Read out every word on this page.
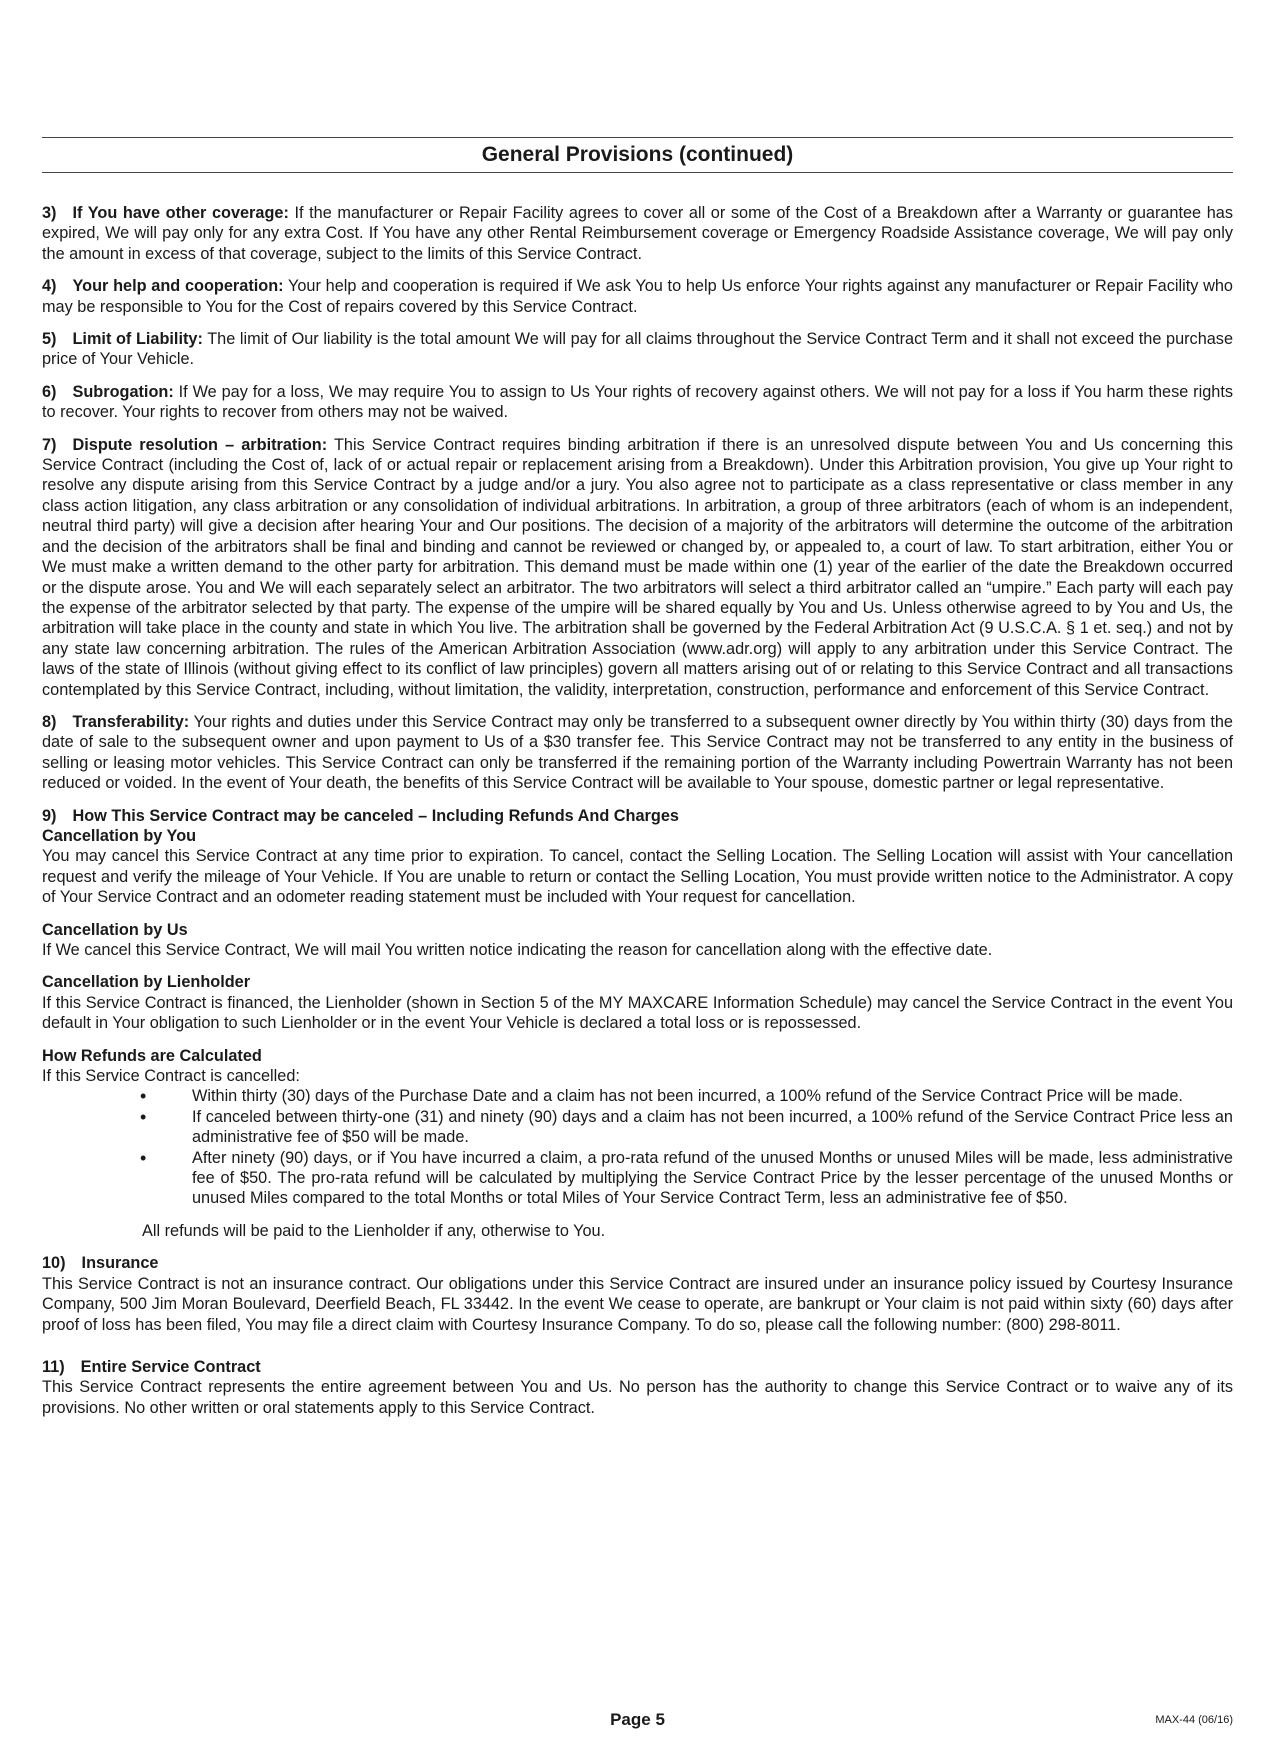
General Provisions (continued)

3) If You have other coverage: If the manufacturer or Repair Facility agrees to cover all or some of the Cost of a Breakdown after a Warranty or guarantee has expired, We will pay only for any extra Cost. If You have any other Rental Reimbursement coverage or Emergency Roadside Assistance coverage, We will pay only the amount in excess of that coverage, subject to the limits of this Service Contract.

4) Your help and cooperation: Your help and cooperation is required if We ask You to help Us enforce Your rights against any manufacturer or Repair Facility who may be responsible to You for the Cost of repairs covered by this Service Contract.

5) Limit of Liability: The limit of Our liability is the total amount We will pay for all claims throughout the Service Contract Term and it shall not exceed the purchase price of Your Vehicle.

6) Subrogation: If We pay for a loss, We may require You to assign to Us Your rights of recovery against others. We will not pay for a loss if You harm these rights to recover. Your rights to recover from others may not be waived.

7) Dispute resolution – arbitration: This Service Contract requires binding arbitration if there is an unresolved dispute between You and Us concerning this Service Contract (including the Cost of, lack of or actual repair or replacement arising from a Breakdown). Under this Arbitration provision, You give up Your right to resolve any dispute arising from this Service Contract by a judge and/or a jury. You also agree not to participate as a class representative or class member in any class action litigation, any class arbitration or any consolidation of individual arbitrations. In arbitration, a group of three arbitrators (each of whom is an independent, neutral third party) will give a decision after hearing Your and Our positions. The decision of a majority of the arbitrators will determine the outcome of the arbitration and the decision of the arbitrators shall be final and binding and cannot be reviewed or changed by, or appealed to, a court of law. To start arbitration, either You or We must make a written demand to the other party for arbitration. This demand must be made within one (1) year of the earlier of the date the Breakdown occurred or the dispute arose. You and We will each separately select an arbitrator. The two arbitrators will select a third arbitrator called an “umpire.” Each party will each pay the expense of the arbitrator selected by that party. The expense of the umpire will be shared equally by You and Us. Unless otherwise agreed to by You and Us, the arbitration will take place in the county and state in which You live. The arbitration shall be governed by the Federal Arbitration Act (9 U.S.C.A. § 1 et. seq.) and not by any state law concerning arbitration. The rules of the American Arbitration Association (www.adr.org) will apply to any arbitration under this Service Contract. The laws of the state of Illinois (without giving effect to its conflict of law principles) govern all matters arising out of or relating to this Service Contract and all transactions contemplated by this Service Contract, including, without limitation, the validity, interpretation, construction, performance and enforcement of this Service Contract.

8) Transferability: Your rights and duties under this Service Contract may only be transferred to a subsequent owner directly by You within thirty (30) days from the date of sale to the subsequent owner and upon payment to Us of a $30 transfer fee. This Service Contract may not be transferred to any entity in the business of selling or leasing motor vehicles. This Service Contract can only be transferred if the remaining portion of the Warranty including Powertrain Warranty has not been reduced or voided. In the event of Your death, the benefits of this Service Contract will be available to Your spouse, domestic partner or legal representative.

9) How This Service Contract may be canceled – Including Refunds And Charges

Cancellation by You
You may cancel this Service Contract at any time prior to expiration. To cancel, contact the Selling Location. The Selling Location will assist with Your cancellation request and verify the mileage of Your Vehicle. If You are unable to return or contact the Selling Location, You must provide written notice to the Administrator. A copy of Your Service Contract and an odometer reading statement must be included with Your request for cancellation.

Cancellation by Us
If We cancel this Service Contract, We will mail You written notice indicating the reason for cancellation along with the effective date.

Cancellation by Lienholder
If this Service Contract is financed, the Lienholder (shown in Section 5 of the MY MAXCARE Information Schedule) may cancel the Service Contract in the event You default in Your obligation to such Lienholder or in the event Your Vehicle is declared a total loss or is repossessed.

How Refunds are Calculated
If this Service Contract is cancelled:

•	Within thirty (30) days of the Purchase Date and a claim has not been incurred, a 100% refund of the Service Contract Price will be made.
•	If canceled between thirty-one (31) and ninety (90) days and a claim has not been incurred, a 100% refund of the Service Contract Price less an administrative fee of $50 will be made.
•	After ninety (90) days, or if You have incurred a claim, a pro-rata refund of the unused Months or unused Miles will be made, less administrative fee of $50. The pro-rata refund will be calculated by multiplying the Service Contract Price by the lesser percentage of the unused Months or unused Miles compared to the total Months or total Miles of Your Service Contract Term, less an administrative fee of $50.

All refunds will be paid to the Lienholder if any, otherwise to You.

10) Insurance
This Service Contract is not an insurance contract. Our obligations under this Service Contract are insured under an insurance policy issued by Courtesy Insurance Company, 500 Jim Moran Boulevard, Deerfield Beach, FL 33442. In the event We cease to operate, are bankrupt or Your claim is not paid within sixty (60) days after proof of loss has been filed, You may file a direct claim with Courtesy Insurance Company. To do so, please call the following number: (800) 298-8011.

11) Entire Service Contract
This Service Contract represents the entire agreement between You and Us. No person has the authority to change this Service Contract or to waive any of its provisions. No other written or oral statements apply to this Service Contract.

Page 5	MAX-44 (06/16)
